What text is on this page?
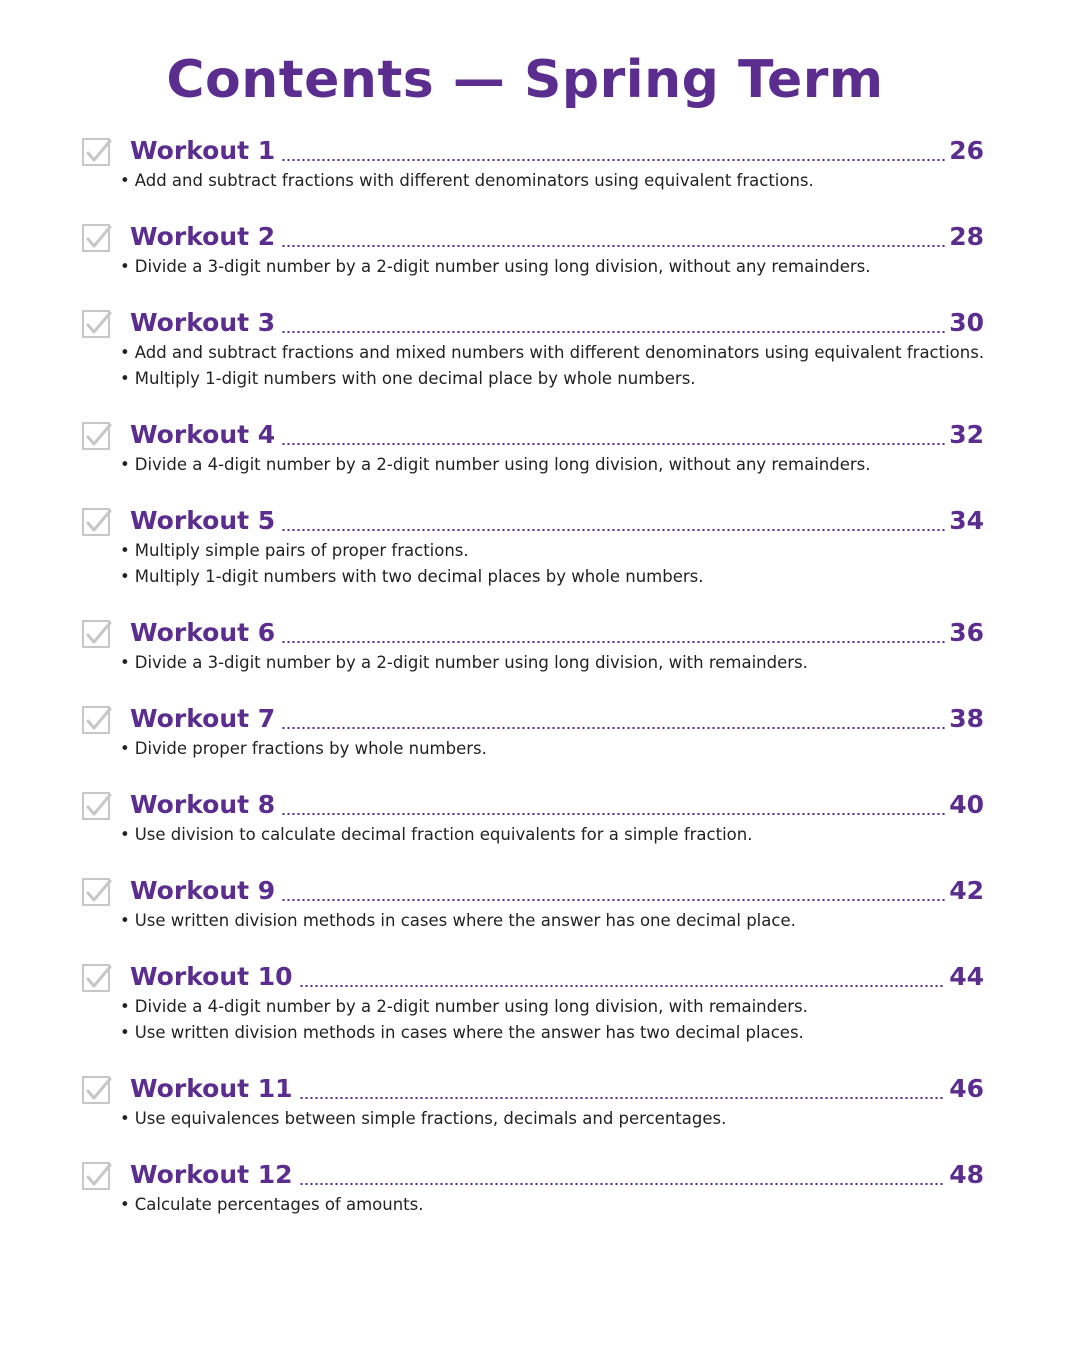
Contents — Spring Term
Workout 1	26
• Add and subtract fractions with different denominators using equivalent fractions.
Workout 2	28
• Divide a 3-digit number by a 2-digit number using long division, without any remainders.
Workout 3	30
• Add and subtract fractions and mixed numbers with different denominators using equivalent fractions.
• Multiply 1-digit numbers with one decimal place by whole numbers.
Workout 4	32
• Divide a 4-digit number by a 2-digit number using long division, without any remainders.
Workout 5	34
• Multiply simple pairs of proper fractions.
• Multiply 1-digit numbers with two decimal places by whole numbers.
Workout 6	36
• Divide a 3-digit number by a 2-digit number using long division, with remainders.
Workout 7	38
• Divide proper fractions by whole numbers.
Workout 8	40
• Use division to calculate decimal fraction equivalents for a simple fraction.
Workout 9	42
• Use written division methods in cases where the answer has one decimal place.
Workout 10	44
• Divide a 4-digit number by a 2-digit number using long division, with remainders.
• Use written division methods in cases where the answer has two decimal places.
Workout 11	46
• Use equivalences between simple fractions, decimals and percentages.
Workout 12	48
• Calculate percentages of amounts.
